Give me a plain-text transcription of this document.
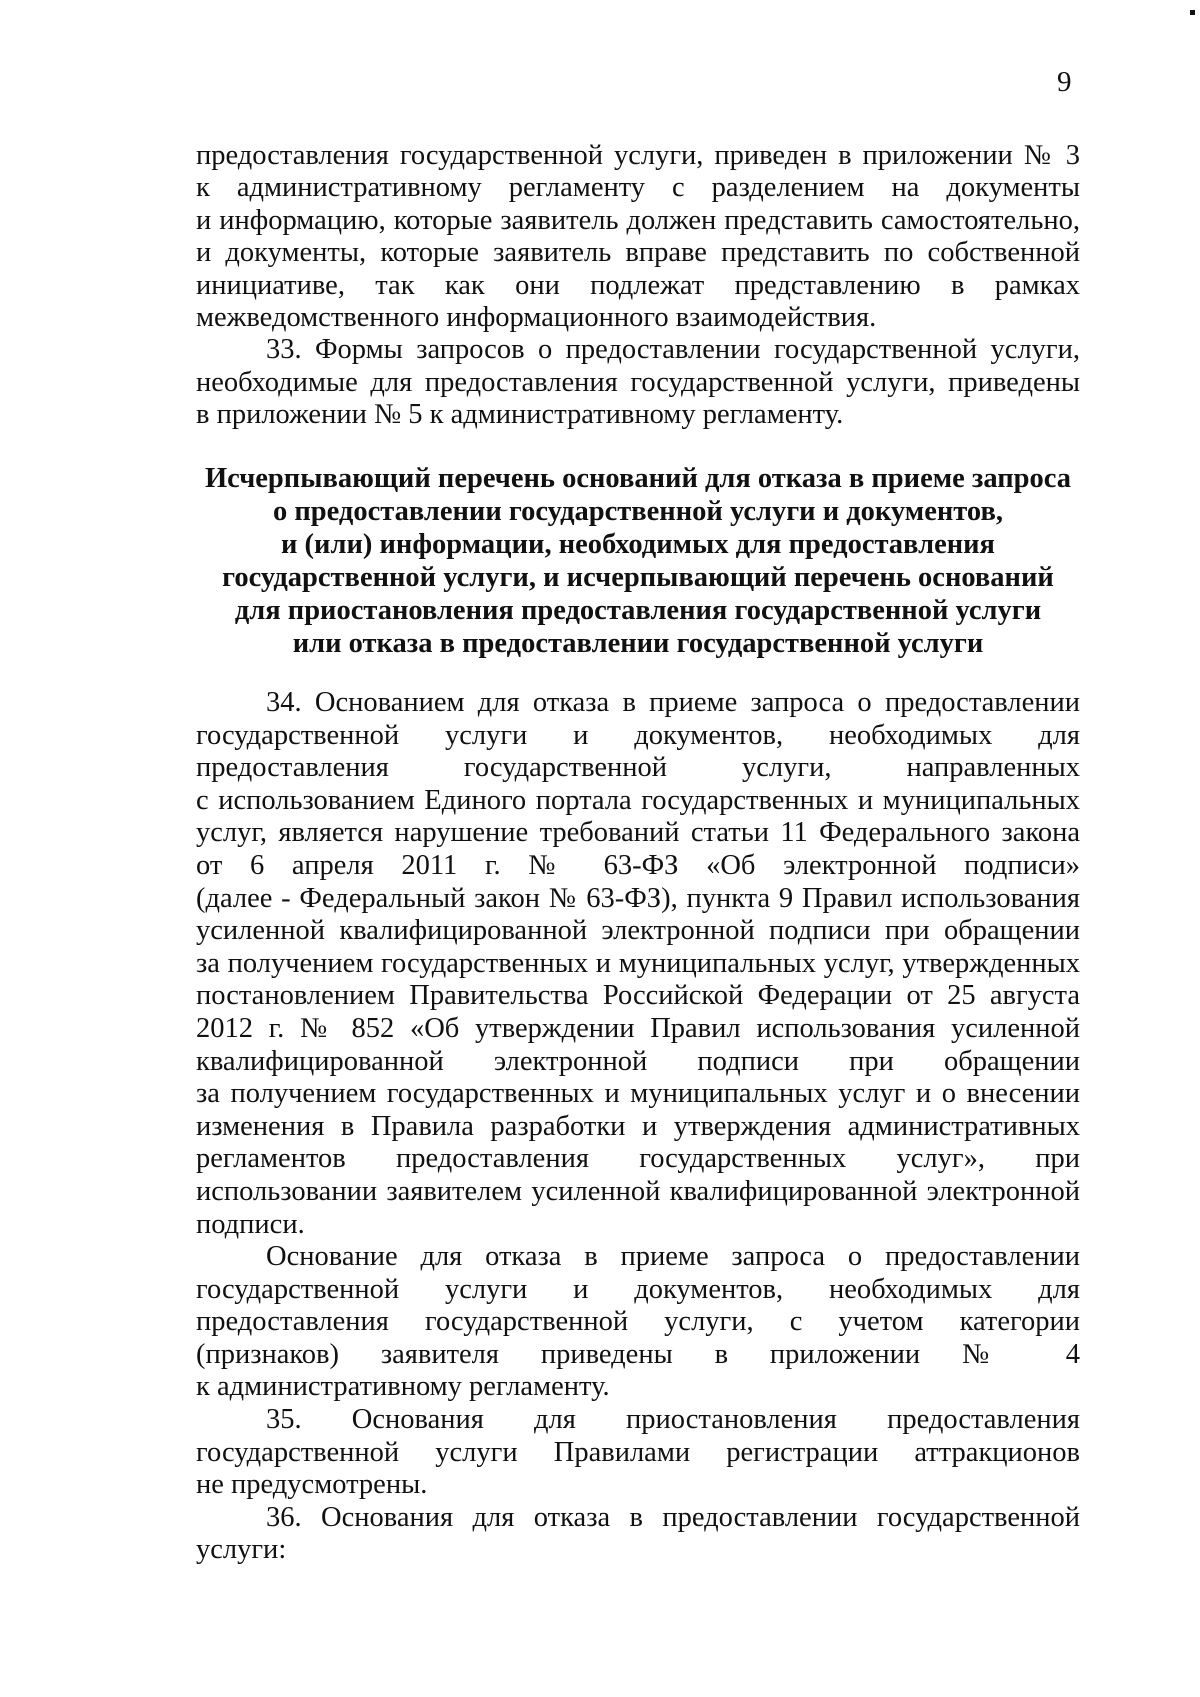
9

предоставления государственной услуги, приведен в приложении № 3
к административному регламенту с разделением на документы
и информацию, которые заявитель должен представить самостоятельно,
и документы, которые заявитель вправе представить по собственной
инициативе, так как они подлежат представлению в рамках
межведомственного информационного взаимодействия.

33. Формы запросов о предоставлении государственной услуги,
необходимые для предоставления государственной услуги, приведены
в приложении № 5 к административному регламенту.

Исчерпывающий перечень оснований для отказа в приеме запроса
о предоставлении государственной услуги и документов,
и (или) информации, необходимых для предоставления
государственной услуги, и исчерпывающий перечень оснований
для приостановления предоставления государственной услуги
или отказа в предоставлении государственной услуги

34. Основанием для отказа в приеме запроса о предоставлении
государственной услуги и документов, необходимых для
предоставления государственной услуги, направленных
с использованием Единого портала государственных и муниципальных
услуг, является нарушение требований статьи 11 Федерального закона
от 6 апреля 2011 г. № 63-ФЗ «Об электронной подписи»
(далее - Федеральный закон № 63-ФЗ), пункта 9 Правил использования
усиленной квалифицированной электронной подписи при обращении
за получением государственных и муниципальных услуг, утвержденных
постановлением Правительства Российской Федерации от 25 августа
2012 г. № 852 «Об утверждении Правил использования усиленной
квалифицированной электронной подписи при обращении
за получением государственных и муниципальных услуг и о внесении
изменения в Правила разработки и утверждения административных
регламентов предоставления государственных услуг», при
использовании заявителем усиленной квалифицированной электронной
подписи.

Основание для отказа в приеме запроса о предоставлении
государственной услуги и документов, необходимых для
предоставления государственной услуги, с учетом категории
(признаков) заявителя приведены в приложении № 4
к административному регламенту.

35. Основания для приостановления предоставления
государственной услуги Правилами регистрации аттракционов
не предусмотрены.

36. Основания для отказа в предоставлении государственной
услуги:
